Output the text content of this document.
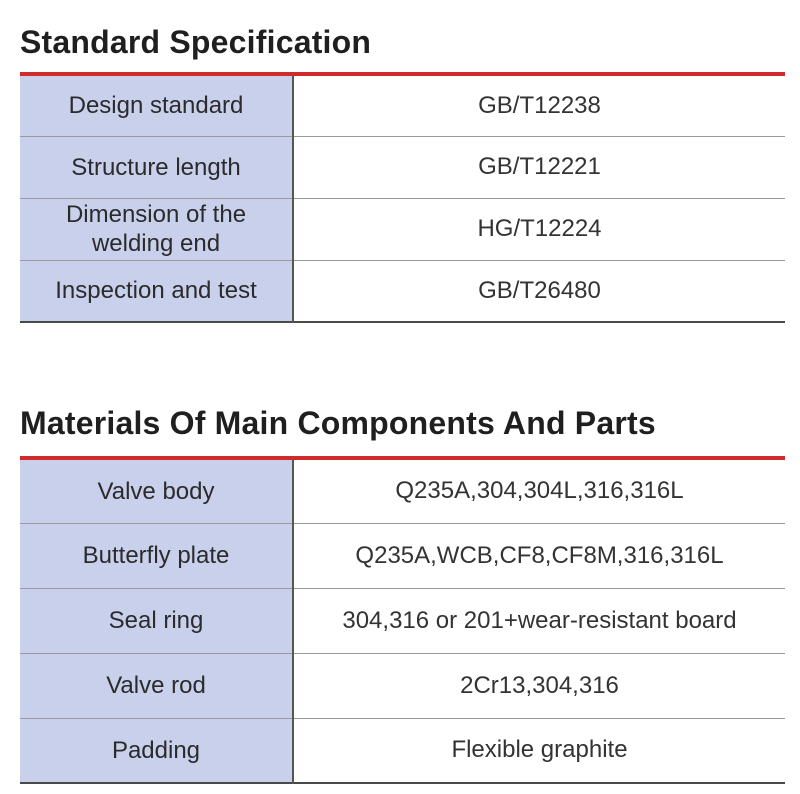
Standard Specification
Design standard	GB/T12238
Structure length	GB/T12221
Dimension of the welding end	HG/T12224
Inspection and test	GB/T26480
Materials Of Main Components And Parts
Valve body	Q235A,304,304L,316,316L
Butterfly plate	Q235A,WCB,CF8,CF8M,316,316L
Seal ring	304,316 or 201+wear-resistant board
Valve rod	2Cr13,304,316
Padding	Flexible graphite
